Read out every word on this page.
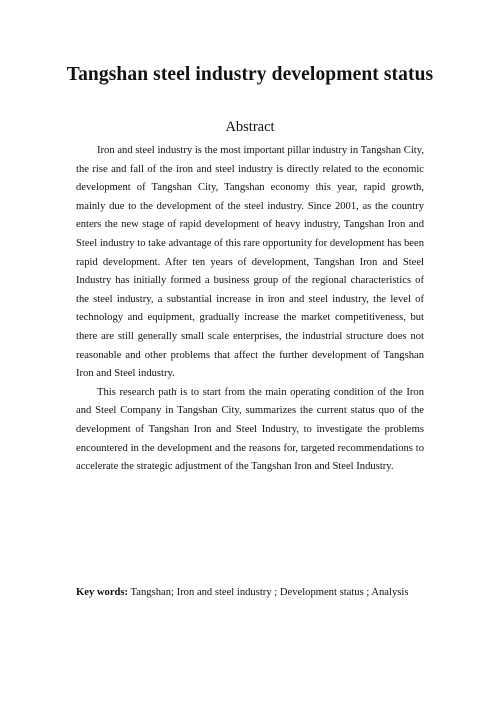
Tangshan steel industry development status
Abstract

Iron and steel industry is the most important pillar industry in Tangshan City, the rise and fall of the iron and steel industry is directly related to the economic development of Tangshan City, Tangshan economy this year, rapid growth, mainly due to the development of the steel industry. Since 2001, as the country enters the new stage of rapid development of heavy industry, Tangshan Iron and Steel industry to take advantage of this rare opportunity for development has been rapid development. After ten years of development, Tangshan Iron and Steel Industry has initially formed a business group of the regional characteristics of the steel industry, a substantial increase in iron and steel industry, the level of technology and equipment, gradually increase the market competitiveness, but there are still generally small scale enterprises, the industrial structure does not reasonable and other problems that affect the further development of Tangshan Iron and Steel industry.

This research path is to start from the main operating condition of the Iron and Steel Company in Tangshan City, summarizes the current status quo of the development of Tangshan Iron and Steel Industry, to investigate the problems encountered in the development and the reasons for, targeted recommendations to accelerate the strategic adjustment of the Tangshan Iron and Steel Industry.

Key words: Tangshan; Iron and steel industry ; Development status ; Analysis
